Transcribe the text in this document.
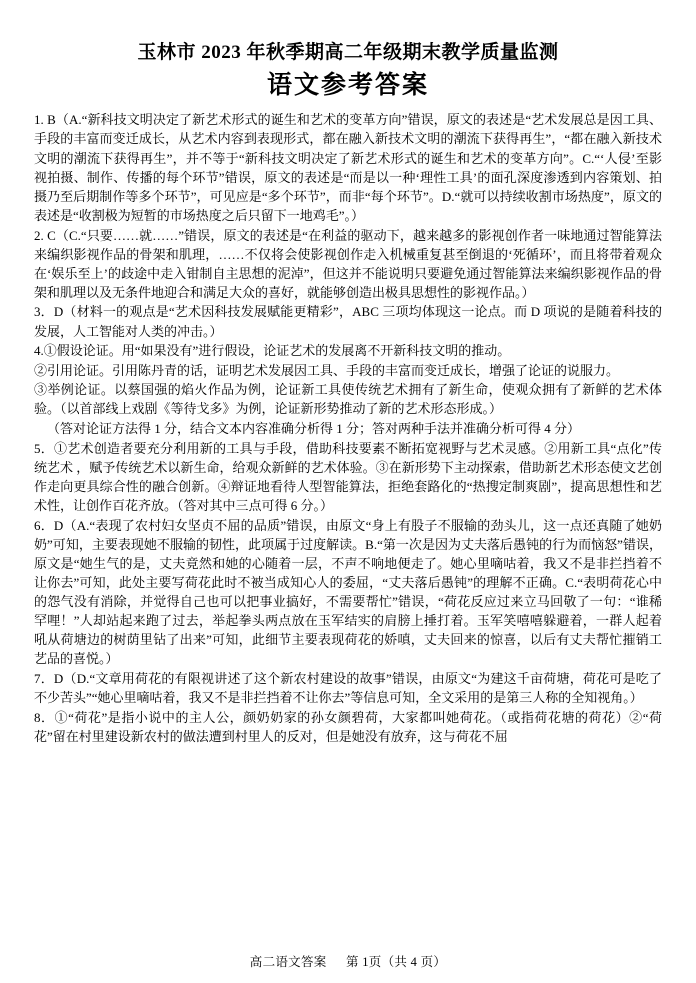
玉林市 2023 年秋季期高二年级期末教学质量监测
语文参考答案

1. B（A.“新科技文明决定了新艺术形式的诞生和艺术的变革方向”错误，原文的表述是“艺术发展总是因工具、手段的丰富而变迁成长，从艺术内容到表现形式，都在融入新技术文明的潮流下获得再生”，“都在融入新技术文明的潮流下获得再生”，并不等于“新科技文明决定了新艺术形式的诞生和艺术的变革方向”。C.“‘人侵’至影视拍摄、制作、传播的每个环节”错误，原文的表述是“而是以一种‘理性工具’的面孔深度渗透到内容策划、拍摄乃至后期制作等多个环节”，可见应是“多个环节”，而非“每个环节”。D.“就可以持续收割市场热度”，原文的表述是“收割极为短暂的市场热度之后只留下一地鸡毛”。）

2. C（C.“只要……就……”错误，原文的表述是“在利益的驱动下，越来越多的影视创作者一味地通过智能算法来编织影视作品的骨架和肌理，……不仅将会使影视创作走入机械重复甚至倒退的‘死循环’，而且将带着观众在‘娱乐至上’的歧途中走入钳制自主思想的泥淖”，但这并不能说明只要避免通过智能算法来编织影视作品的骨架和肌理以及无条件地迎合和满足大众的喜好，就能够创造出极具思想性的影视作品。）

3．D（材料一的观点是“艺术因科技发展赋能更精彩”，ABC 三项均体现这一论点。而 D 项说的是随着科技的发展，人工智能对人类的冲击。）

4.①假设论证。用“如果没有”进行假设，论证艺术的发展离不开新科技文明的推动。

②引用论证。引用陈丹青的话，证明艺术发展因工具、手段的丰富而变迁成长，增强了论证的说服力。

③举例论证。以蔡国强的焰火作品为例，论证新工具使传统艺术拥有了新生命，使观众拥有了新鲜的艺术体验。（以首部线上戏剧《等待戈多》为例，论证新形势推动了新的艺术形态形成。）

（答对论证方法得 1 分，结合文本内容准确分析得 1 分；答对两种手法并准确分析可得 4 分）

5．①艺术创造者要充分利用新的工具与手段，借助科技要素不断拓宽视野与艺术灵感。②用新工具“点化”传统艺术 ，赋予传统艺术以新生命，给观众新鲜的艺术体验。③在新形势下主动探索，借助新艺术形态使文艺创作走向更具综合性的融合创新。④辩证地看待人型智能算法，拒绝套路化的“热搜定制爽剧”，提高思想性和艺术性，让创作百花齐放。（答对其中三点可得 6 分。）

6．D（A.“表现了农村妇女坚贞不屈的品质”错误，由原文“身上有股子不服输的劲头儿，这一点还真随了她奶奶”可知，主要表现她不服输的韧性，此项属于过度解读。B.“第一次是因为丈夫落后愚钝的行为而恼怒”错误，原文是“她生气的是，丈夫竟然和她的心随着一层，不声不响地便走了。她心里嘀咕着，我又不是非拦挡着不让你去”可知，此处主要写荷花此时不被当成知心人的委屈，“丈夫落后愚钝”的理解不正确。C.“表明荷花心中的怨气没有消除，并觉得自己也可以把事业搞好，不需要帮忙”错误，“荷花反应过来立马回敬了一句：“谁稀罕哩！”人却站起来跑了过去，举起拳头两点放在玉军结实的肩膀上捶打着。玉军笑嘻嘻躲避着，一群人起着吼从荷塘边的树荫里钻了出来”可知，此细节主要表现荷花的娇嗔，丈夫回来的惊喜，以后有丈夫帮忙摧销工艺品的喜悦。）

7．D（D.“文章用荷花的有限视讲述了这个新农村建设的故事”错误，由原文“为建这千亩荷塘，荷花可是吃了不少苦头”“她心里嘀咕着，我又不是非拦挡着不让你去”等信息可知，全文采用的是第三人称的全知视角。）

8．①“荷花”是指小说中的主人公，颜奶奶家的孙女颜碧荷，大家都叫她荷花。（或指荷花塘的荷花）②“荷花”留在村里建设新农村的做法遭到村里人的反对，但是她没有放弃，这与荷花不屈

高二语文答案 第 1页（共 4 页）
